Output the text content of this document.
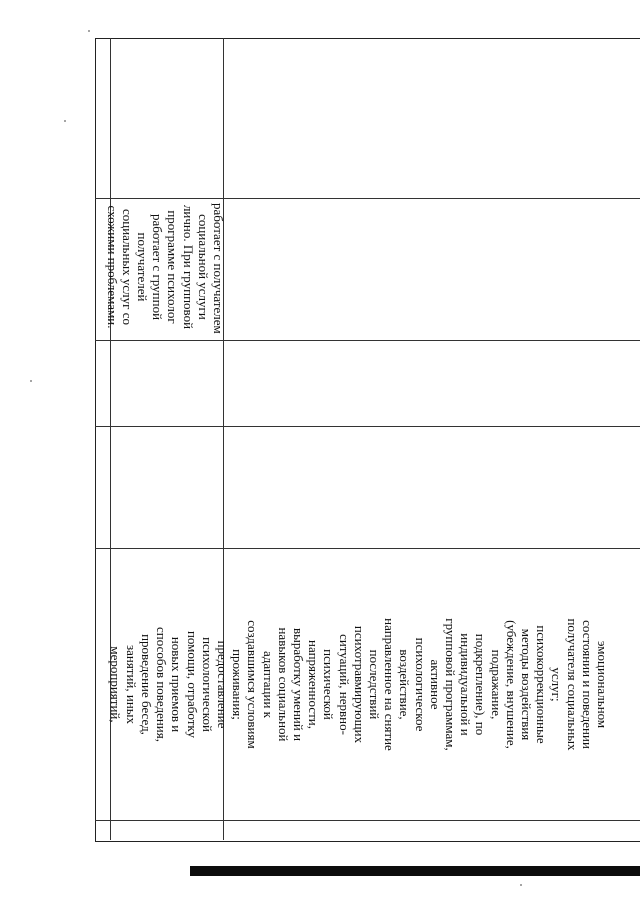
эмоциональном
состоянии и поведении
получателя социальных
услуг;
психокоррекционные
методы воздействия
(убеждение, внушение,
подражание,
подкрепление), по
индивидуальной и
групповой программам,
активное
психологическое
воздействие,
направленное на снятие
последствий
психотравмирующих
ситуаций, нервно-
психической
напряженности,
выработку умений и
навыков социальной
адаптации к
создавшимся условиям
проживания;
предоставление
психологической
помощи, отработку
новых приемов и
способов поведения,
проведение бесед,
занятий, иных
мероприятий,
работает с получателем
социальной услуги
лично. При групповой
программе психолог
работает с группой
получателей
социальных услуг со
схожими проблемами.
